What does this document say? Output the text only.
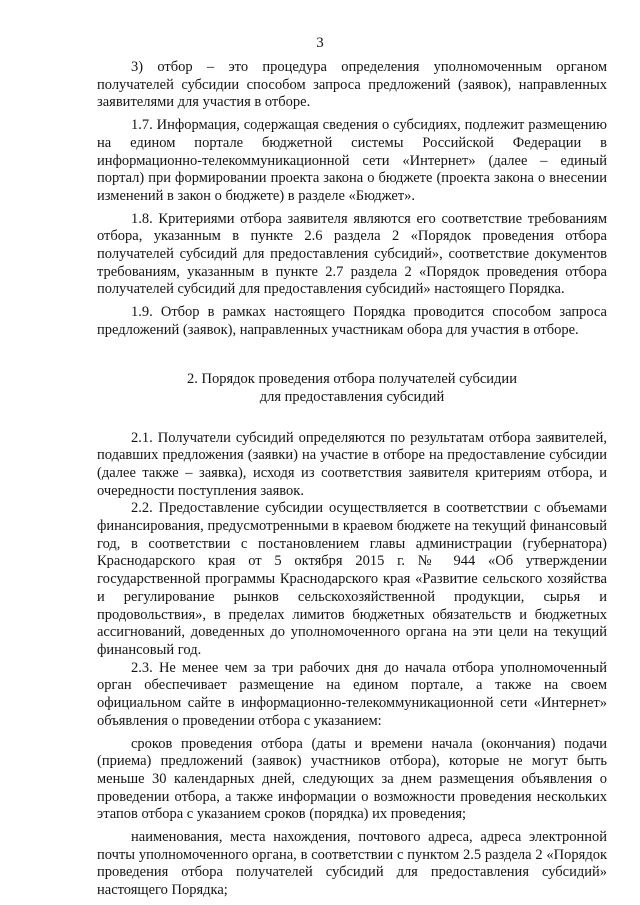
3

3) отбор – это процедура определения уполномоченным органом получателей субсидии способом запроса предложений (заявок), направленных заявителями для участия в отборе.

1.7. Информация, содержащая сведения о субсидиях, подлежит размещению на едином портале бюджетной системы Российской Федерации в информационно-телекоммуникационной сети «Интернет» (далее – единый портал) при формировании проекта закона о бюджете (проекта закона о внесении изменений в закон о бюджете) в разделе «Бюджет».

1.8. Критериями отбора заявителя являются его соответствие требованиям отбора, указанным в пункте 2.6 раздела 2 «Порядок проведения отбора получателей субсидий для предоставления субсидий», соответствие документов требованиям, указанным в пункте 2.7 раздела 2 «Порядок проведения отбора получателей субсидий для предоставления субсидий» настоящего Порядка.

1.9. Отбор в рамках настоящего Порядка проводится способом запроса предложений (заявок), направленных участникам обора для участия в отборе.

2. Порядок проведения отбора получателей субсидии
для предоставления субсидий

2.1. Получатели субсидий определяются по результатам отбора заявителей, подавших предложения (заявки) на участие в отборе на предоставление субсидии (далее также – заявка), исходя из соответствия заявителя критериям отбора, и очередности поступления заявок.

2.2. Предоставление субсидии осуществляется в соответствии с объемами финансирования, предусмотренными в краевом бюджете на текущий финансовый год, в соответствии с постановлением главы администрации (губернатора) Краснодарского края от 5 октября 2015 г. № 944 «Об утверждении государственной программы Краснодарского края «Развитие сельского хозяйства и регулирование рынков сельскохозяйственной продукции, сырья и продовольствия», в пределах лимитов бюджетных обязательств и бюджетных ассигнований, доведенных до уполномоченного органа на эти цели на текущий финансовый год.

2.3. Не менее чем за три рабочих дня до начала отбора уполномоченный орган обеспечивает размещение на едином портале, а также на своем официальном сайте в информационно-телекоммуникационной сети «Интернет» объявления о проведении отбора с указанием:

сроков проведения отбора (даты и времени начала (окончания) подачи (приема) предложений (заявок) участников отбора), которые не могут быть меньше 30 календарных дней, следующих за днем размещения объявления о проведении отбора, а также информации о возможности проведения нескольких этапов отбора с указанием сроков (порядка) их проведения;

наименования, места нахождения, почтового адреса, адреса электронной почты уполномоченного органа, в соответствии с пунктом 2.5 раздела 2 «Порядок проведения отбора получателей субсидий для предоставления субсидий» настоящего Порядка;
